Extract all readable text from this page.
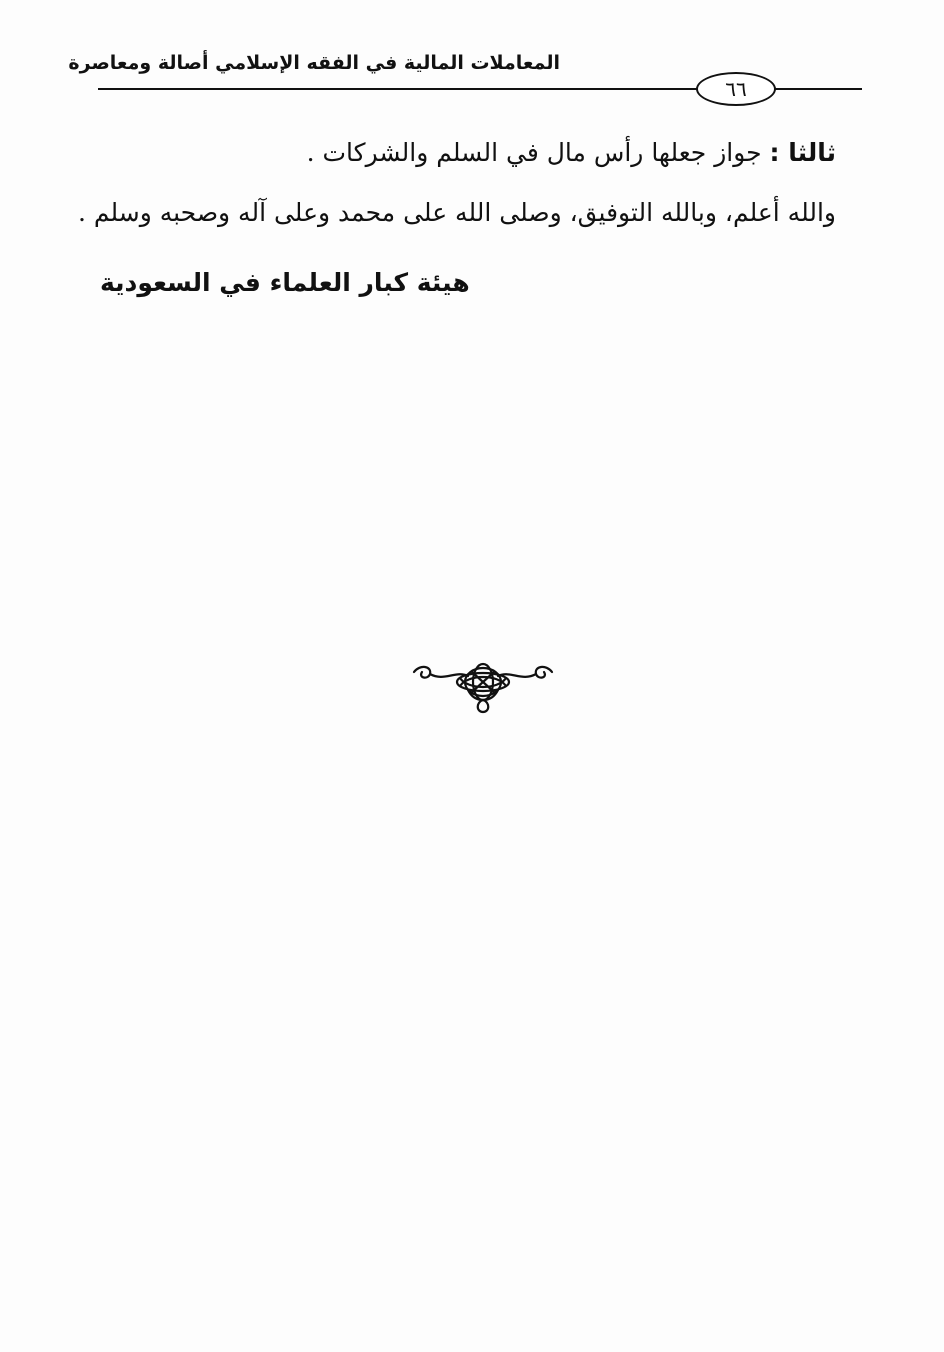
المعاملات المالية في الفقه الإسلامي أصالة ومعاصرة
٦٦
ثالثا : جواز جعلها رأس مال في السلم والشركات .
والله أعلم، وبالله التوفيق، وصلى الله على محمد وعلى آله وصحبه وسلم .
هيئة كبار العلماء في السعودية
